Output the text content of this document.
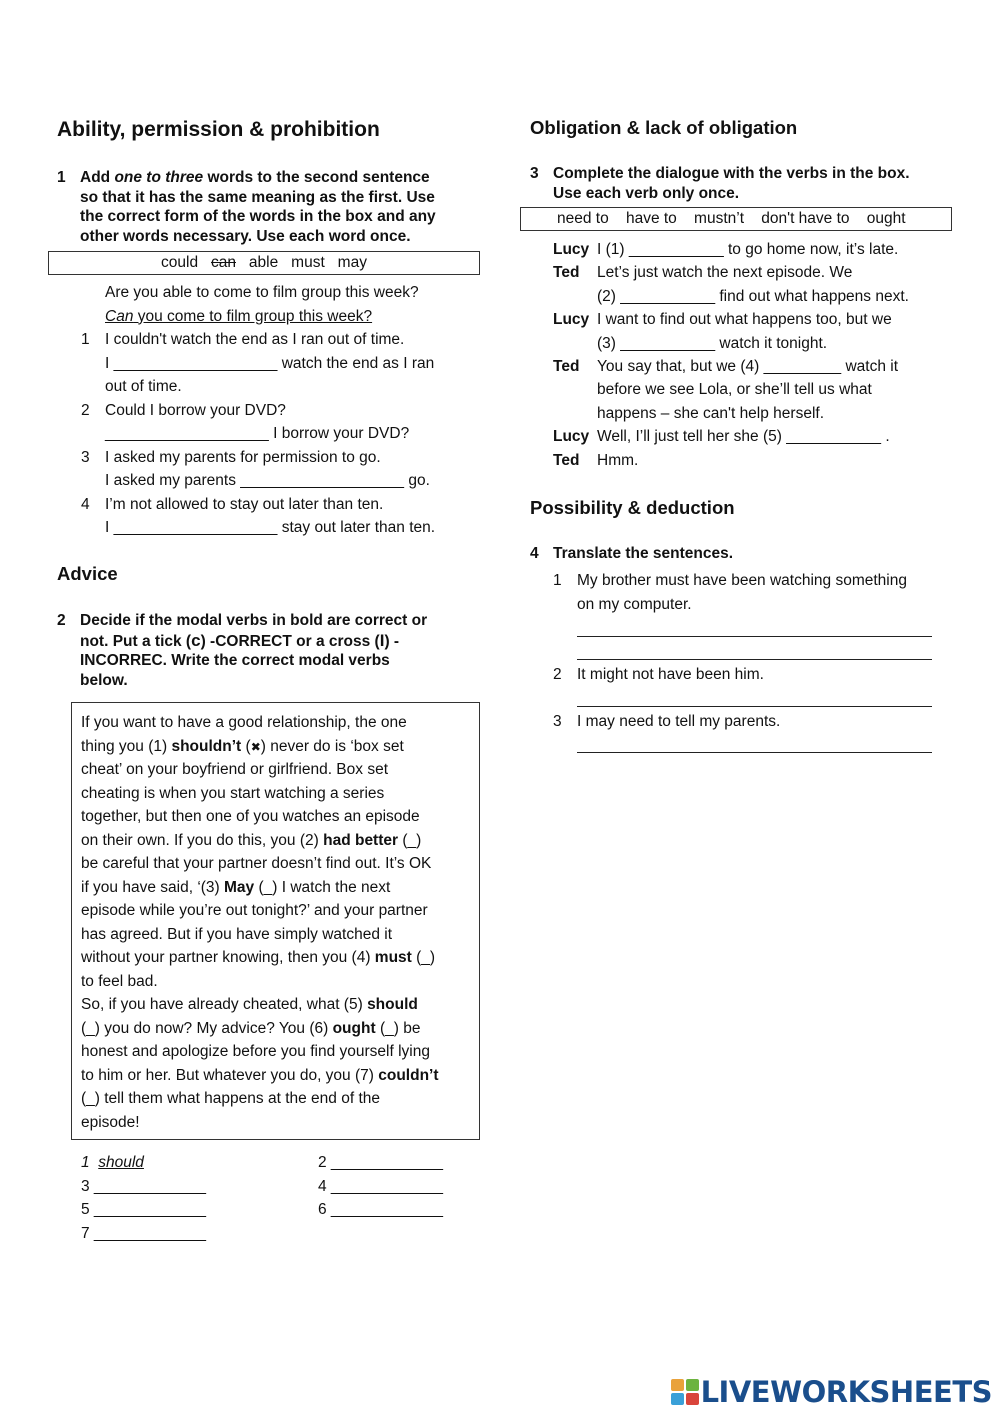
Ability, permission & prohibition
1 Add one to three words to the second sentence
so that it has the same meaning as the first. Use
the correct form of the words in the box and any
other words necessary. Use each word once.
could can able must may
Are you able to come to film group this week?
Can you come to film group this week?
1 I couldn't watch the end as I ran out of time.
I ___________________ watch the end as I ran
out of time.
2 Could I borrow your DVD?
___________________ I borrow your DVD?
3 I asked my parents for permission to go.
I asked my parents ___________________ go.
4 I’m not allowed to stay out later than ten.
I ___________________ stay out later than ten.
Advice
2 Decide if the modal verbs in bold are correct or
not. Put a tick (c) -CORRECT or a cross (I) -
INCORREC. Write the correct modal verbs
below.
If you want to have a good relationship, the one
thing you (1) shouldn’t (✖) never do is ‘box set
cheat’ on your boyfriend or girlfriend. Box set
cheating is when you start watching a series
together, but then one of you watches an episode
on their own. If you do this, you (2) had better (_)
be careful that your partner doesn’t find out. It’s OK
if you have said, ‘(3) May (_) I watch the next
episode while you’re out tonight?’ and your partner
has agreed. But if you have simply watched it
without your partner knowing, then you (4) must (_)
to feel bad.
So, if you have already cheated, what (5) should
(_) you do now? My advice? You (6) ought (_) be
honest and apologize before you find yourself lying
to him or her. But whatever you do, you (7) couldn’t
(_) tell them what happens at the end of the
episode!
1 should	2 _____________
3 _____________	4 _____________
5 _____________	6 _____________
7 _____________
Obligation & lack of obligation
3 Complete the dialogue with the verbs in the box.
Use each verb only once.
need to have to mustn’t don't have to ought
Lucy I (1) ___________ to go home now, it’s late.
Ted Let’s just watch the next episode. We
(2) ___________ find out what happens next.
Lucy I want to find out what happens too, but we
(3) ___________ watch it tonight.
Ted You say that, but we (4) _________ watch it
before we see Lola, or she’ll tell us what
happens – she can't help herself.
Lucy Well, I’ll just tell her she (5) ___________ .
Ted Hmm.
Possibility & deduction
4 Translate the sentences.
1 My brother must have been watching something
on my computer.
2 It might not have been him.
3 I may need to tell my parents.
LIVEWORKSHEETS
